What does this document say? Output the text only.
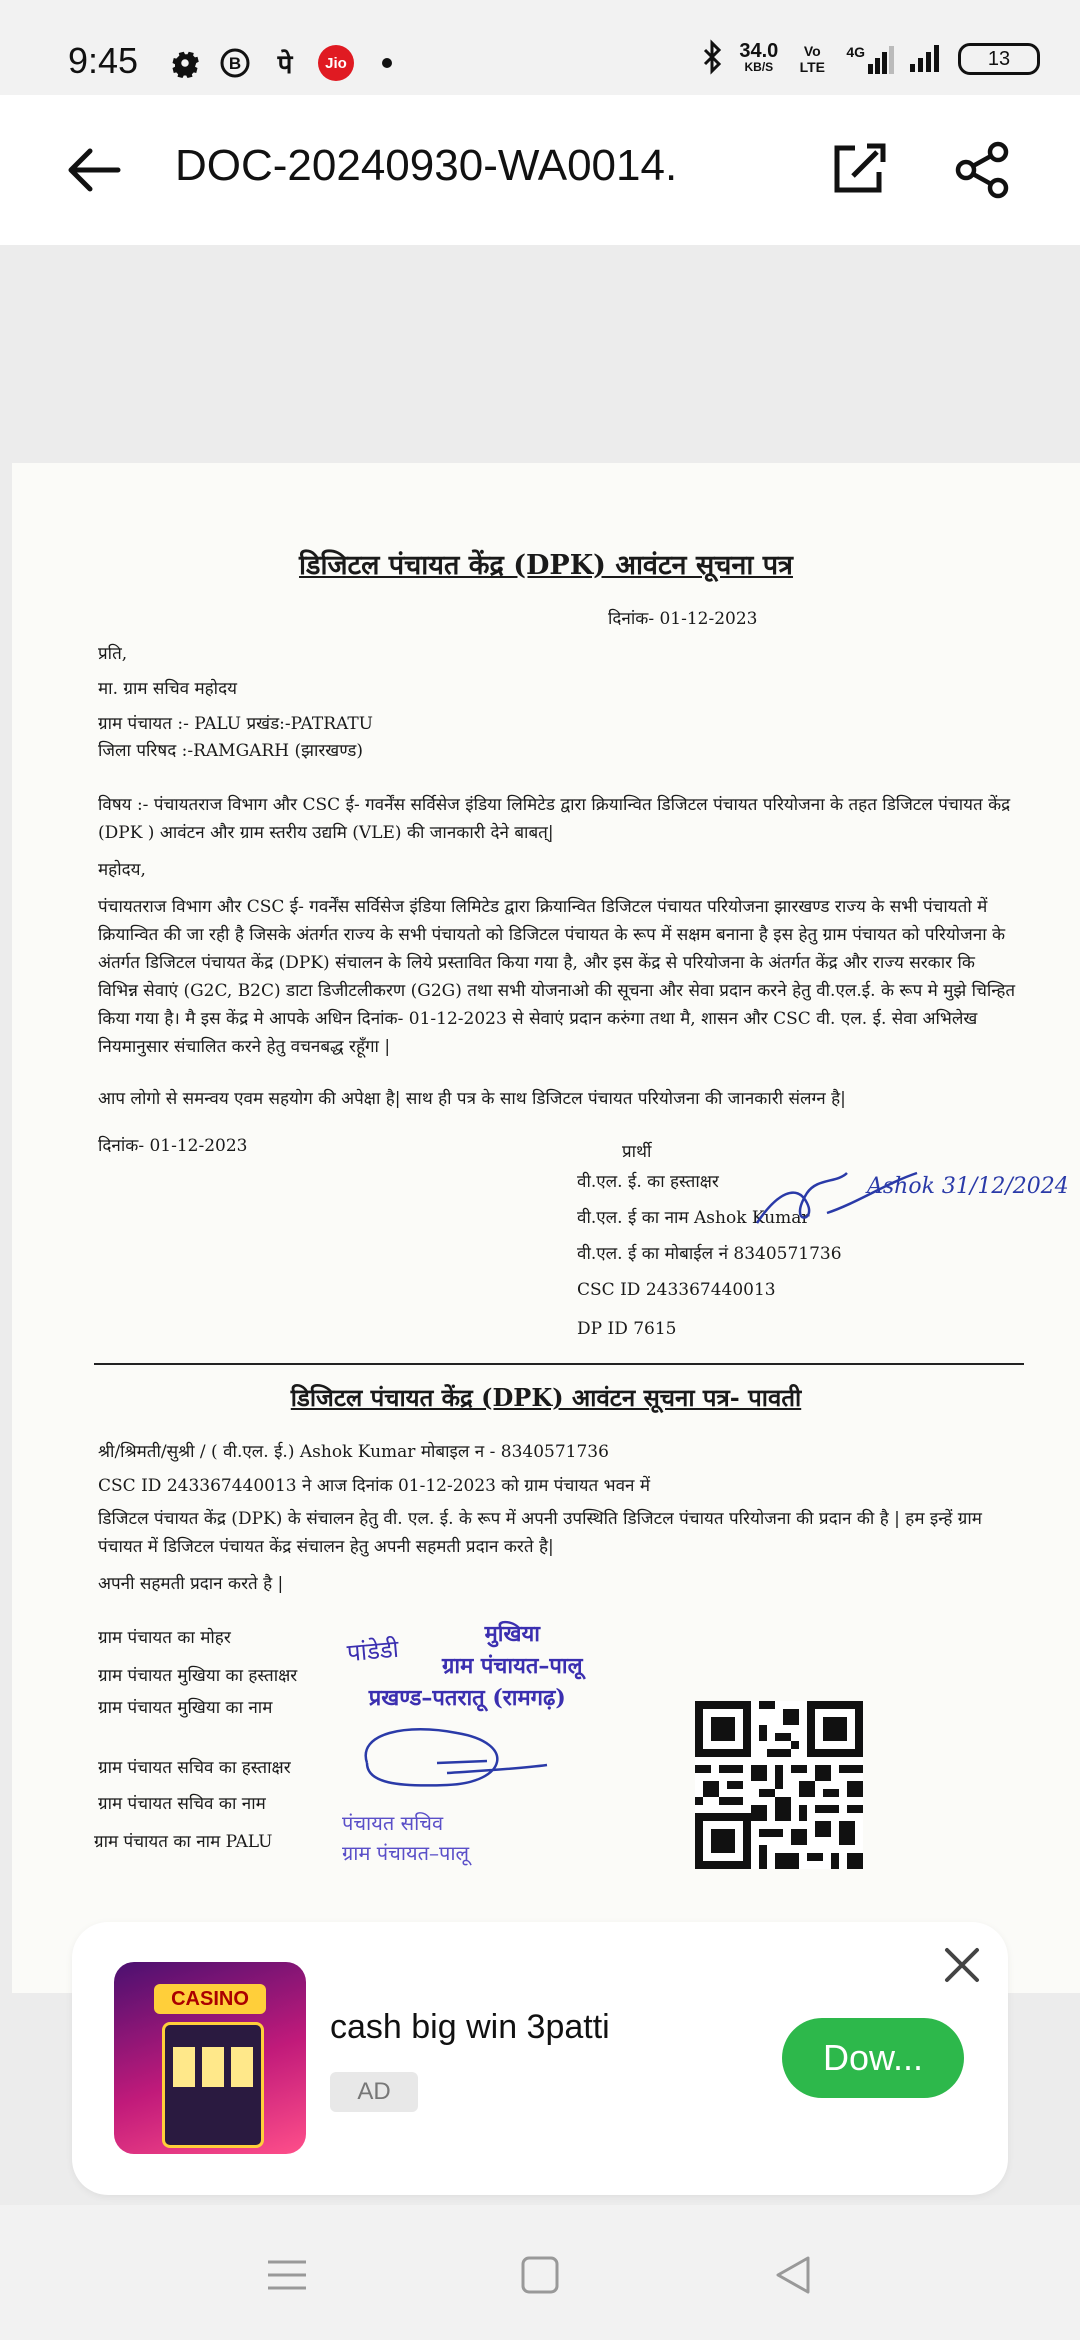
9:45	B	पे	Jio
34.0
KB/S
Vo LTE
4G	13
DOC-20240930-WA0014.
डिजिटल पंचायत केंद्र (DPK) आवंटन सूचना पत्र
दिनांक- 01-12-2023
प्रति,
मा. ग्राम सचिव महोदय
ग्राम पंचायत :- PALU प्रखंड:-PATRATU
जिला परिषद :-RAMGARH (झारखण्ड)
विषय :- पंचायतराज विभाग और CSC ई- गवर्नेंस सर्विसेज इंडिया लिमिटेड द्वारा क्रियान्वित डिजिटल पंचायत परियोजना के तहत डिजिटल पंचायत केंद्र (DPK ) आवंटन और ग्राम स्तरीय उद्यमि (VLE) की जानकारी देने बाबत्|
महोदय,
पंचायतराज विभाग और CSC ई- गवर्नेंस सर्विसेज इंडिया लिमिटेड द्वारा क्रियान्वित डिजिटल पंचायत परियोजना झारखण्ड राज्य के सभी पंचायतो में क्रियान्वित की जा रही है जिसके अंतर्गत राज्य के सभी पंचायतो को डिजिटल पंचायत के रूप में सक्षम बनाना है इस हेतु ग्राम पंचायत को परियोजना के अंतर्गत डिजिटल पंचायत केंद्र (DPK) संचालन के लिये प्रस्तावित किया गया है, और इस केंद्र से परियोजना के अंतर्गत केंद्र और राज्य सरकार कि विभिन्न सेवाएं (G2C, B2C) डाटा डिजीटलीकरण (G2G) तथा सभी योजनाओ की सूचना और सेवा प्रदान करने हेतु वी.एल.ई. के रूप मे मुझे चिन्हित किया गया है। मै इस केंद्र मे आपके अधिन दिनांक- 01-12-2023 से सेवाएं प्रदान करुंगा तथा मै, शासन और CSC वी. एल. ई. सेवा अभिलेख नियमानुसार संचालित करने हेतु वचनबद्ध रहूँगा |
आप लोगो से समन्वय एवम सहयोग की अपेक्षा है| साथ ही पत्र के साथ डिजिटल पंचायत परियोजना की जानकारी संलग्न है|
दिनांक- 01-12-2023	प्रार्थी
वी.एल. ई. का हस्ताक्षर
वी.एल. ई का नाम Ashok Kumar
वी.एल. ई का मोबाईल नं 8340571736
CSC ID 243367440013
DP ID 7615
Ashok 31/12/2024
डिजिटल पंचायत केंद्र (DPK) आवंटन सूचना पत्र- पावती
श्री/श्रिमती/सुश्री / ( वी.एल. ई.) Ashok Kumar मोबाइल न - 8340571736
CSC ID 243367440013 ने आज दिनांक 01-12-2023 को ग्राम पंचायत भवन में
डिजिटल पंचायत केंद्र (DPK) के संचालन हेतु वी. एल. ई. के रूप में अपनी उपस्थिति डिजिटल पंचायत परियोजना की प्रदान की है | हम इन्हें ग्राम पंचायत में डिजिटल पंचायत केंद्र संचालन हेतु अपनी सहमती प्रदान करते है|
अपनी सहमती प्रदान करते है |
ग्राम पंचायत का मोहर
ग्राम पंचायत मुखिया का हस्ताक्षर
ग्राम पंचायत मुखिया का नाम
ग्राम पंचायत सचिव का हस्ताक्षर
ग्राम पंचायत सचिव का नाम
ग्राम पंचायत का नाम PALU
पांडेडी
मुखिया
ग्राम पंचायत–पालू
प्रखण्ड–पतरातू (रामगढ़)
पंचायत सचिव
ग्राम पंचायत–पालू
CASINO
cash big win 3patti
AD
Dow...
